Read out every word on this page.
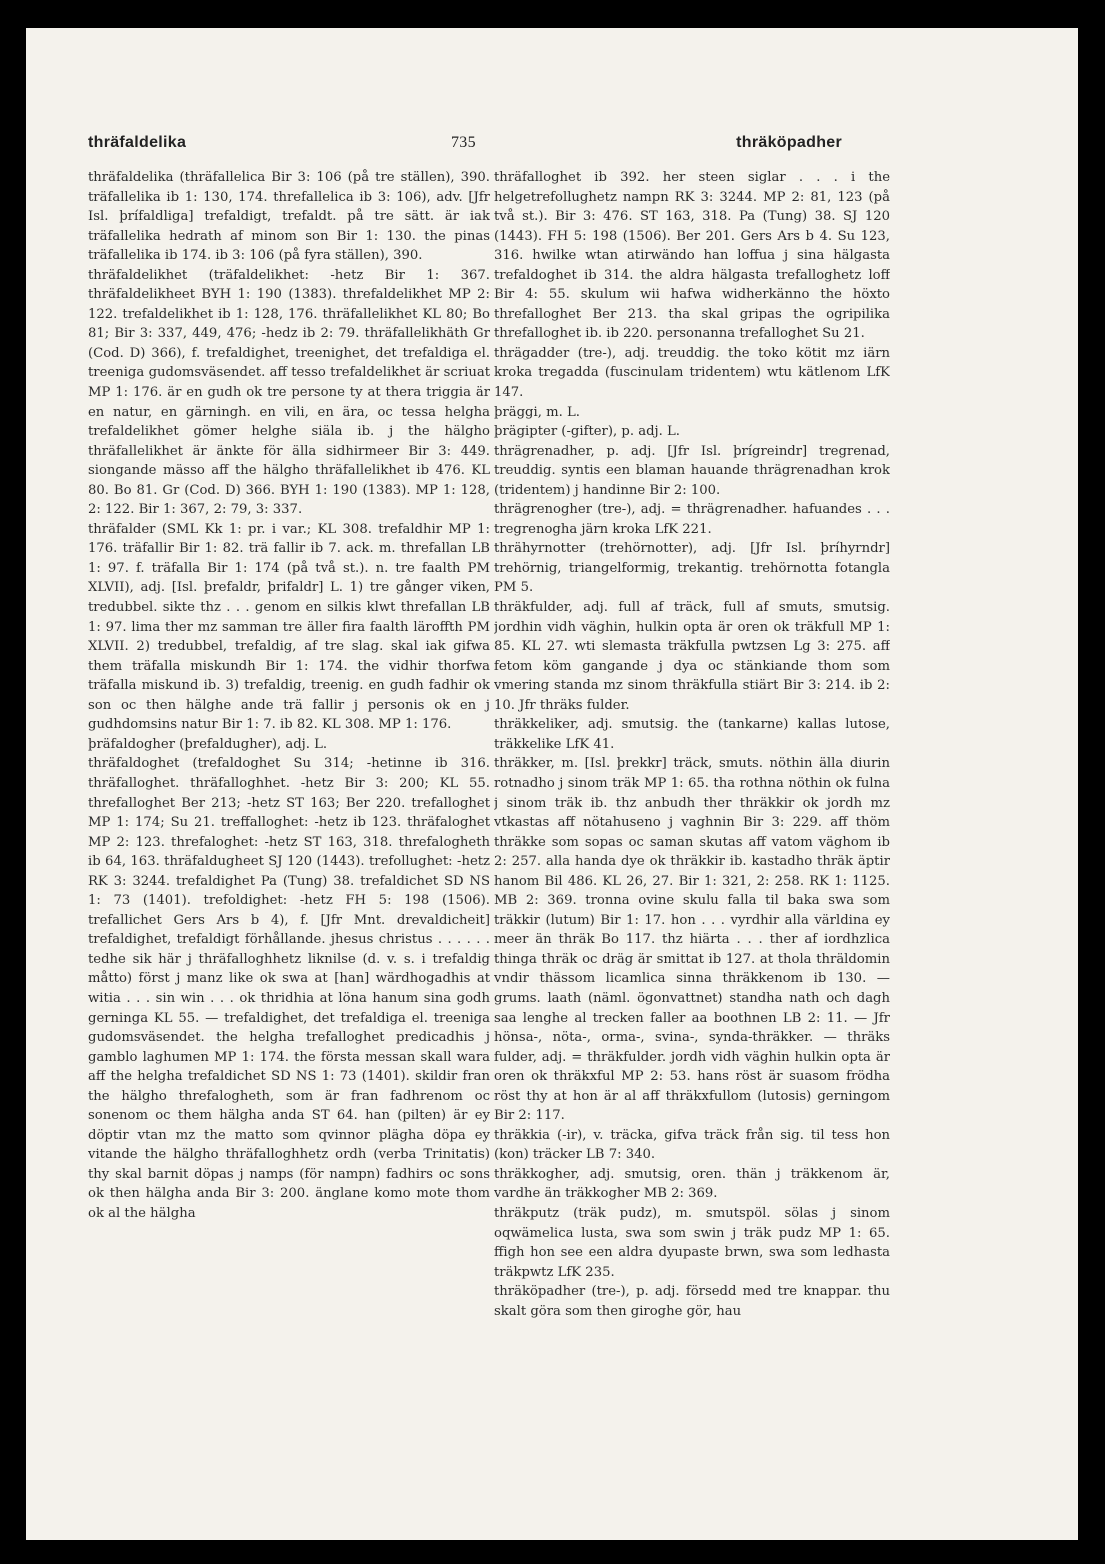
thräfaldelika	735	thräköpadher

thräfaldelika (thräfallelica Bir 3: 106 (på tre ställen), 390. träfallelika ib 1: 130, 174. threfallelica ib 3: 106), adv. [Jfr Isl. þrífaldliga] trefaldigt, trefaldt. på tre sätt. är iak träfallelika hedrath af minom son Bir 1: 130. the pinas träfallelika ib 174. ib 3: 106 (på fyra ställen), 390.

thräfaldelikhet (träfaldelikhet: -hetz Bir 1: 367. thräfaldelikheet BYH 1: 190 (1383). threfaldelikhet MP 2: 122. trefaldelikhet ib 1: 128, 176. thräfallelikhet KL 80; Bo 81; Bir 3: 337, 449, 476; -hedz ib 2: 79. thräfallelikhäth Gr (Cod. D) 366), f. trefaldighet, treenighet, det trefaldiga el. treeniga gudomsväsendet. aff tesso trefaldelikhet är scriuat MP 1: 176. är en gudh ok tre persone ty at thera triggia är en natur, en gärningh. en vili, en ära, oc tessa helgha trefaldelikhet gömer helghe siäla ib. j the hälgho thräfallelikhet är änkte för älla sidhirmeer Bir 3: 449. siongande mässo aff the hälgho thräfallelikhet ib 476. KL 80. Bo 81. Gr (Cod. D) 366. BYH 1: 190 (1383). MP 1: 128, 2: 122. Bir 1: 367, 2: 79, 3: 337.

thräfalder (SML Kk 1: pr. i var.; KL 308. trefaldhir MP 1: 176. träfallir Bir 1: 82. trä fallir ib 7. ack. m. threfallan LB 1: 97. f. träfalla Bir 1: 174 (på två st.). n. tre faalth PM XLVII), adj. [Isl. þrefaldr, þrifaldr] L. 1) tre gånger viken, tredubbel. sikte thz . . . genom en silkis klwt threfallan LB 1: 97. lima ther mz samman tre äller fira faalth läroffth PM XLVII. 2) tredubbel, trefaldig, af tre slag. skal iak gifwa them träfalla miskundh Bir 1: 174. the vidhir thorfwa träfalla miskund ib. 3) trefaldig, treenig. en gudh fadhir ok son oc then hälghe ande trä fallir j personis ok en j gudhdomsins natur Bir 1: 7. ib 82. KL 308. MP 1: 176.

þräfaldogher (þrefaldugher), adj. L.

thräfaldoghet (trefaldoghet Su 314; -hetinne ib 316. thräfalloghet. thräfalloghhet. -hetz Bir 3: 200; KL 55. threfalloghet Ber 213; -hetz ST 163; Ber 220. trefalloghet MP 1: 174; Su 21. treffalloghet: -hetz ib 123. thräfaloghet MP 2: 123. threfaloghet: -hetz ST 163, 318. threfalogheth ib 64, 163. thräfaldugheet SJ 120 (1443). trefollughet: -hetz RK 3: 3244. trefaldighet Pa (Tung) 38. trefaldichet SD NS 1: 73 (1401). trefoldighet: -hetz FH 5: 198 (1506). trefallichet Gers Ars b 4), f. [Jfr Mnt. drevaldicheit] trefaldighet, trefaldigt förhållande. jhesus christus . . . . . . tedhe sik här j thräfalloghhetz liknilse (d. v. s. i trefaldig måtto) först j manz like ok swa at [han] wärdhogadhis at witia . . . sin win . . . ok thridhia at löna hanum sina godh gerninga KL 55. — trefaldighet, det trefaldiga el. treeniga gudomsväsendet. the helgha trefalloghet predicadhis j gamblo laghumen MP 1: 174. the första messan skall wara aff the helgha trefaldichet SD NS 1: 73 (1401). skildir fran the hälgho threfalogheth, som är fran fadhrenom oc sonenom oc them hälgha anda ST 64. han (pilten) är ey döptir vtan mz the matto som qvinnor plägha döpa ey vitande the hälgho thräfalloghhetz ordh (verba Trinitatis) thy skal barnit döpas j namps (för nampn) fadhirs oc sons ok then hälgha anda Bir 3: 200. änglane komo mote thom ok al the hälgha

thräfalloghet ib 392. her steen siglar . . . i the helgetrefollughetz nampn RK 3: 3244. MP 2: 81, 123 (på två st.). Bir 3: 476. ST 163, 318. Pa (Tung) 38. SJ 120 (1443). FH 5: 198 (1506). Ber 201. Gers Ars b 4. Su 123, 316. hwilke wtan atirwändo han loffua j sina hälgasta trefaldoghet ib 314. the aldra hälgasta trefalloghetz loff Bir 4: 55. skulum wii hafwa widherkänno the höxto threfalloghet Ber 213. tha skal gripas the ogripilika threfalloghet ib. ib 220. personanna trefalloghet Su 21.

thrägadder (tre-), adj. treuddig. the toko kötit mz iärn kroka tregadda (fuscinulam tridentem) wtu kätlenom LfK 147.

þräggi, m. L.

þrägipter (-gifter), p. adj. L.

thrägrenadher, p. adj. [Jfr Isl. þrígreindr] tregrenad, treuddig. syntis een blaman hauande thrägrenadhan krok (tridentem) j handinne Bir 2: 100.

thrägrenogher (tre-), adj. = thrägrenadher. hafuandes . . . tregrenogha järn kroka LfK 221.

thrähyrnotter (trehörnotter), adj. [Jfr Isl. þríhyrndr] trehörnig, triangelformig, trekantig. trehörnotta fotangla PM 5.

thräkfulder, adj. full af träck, full af smuts, smutsig. jordhin vidh väghin, hulkin opta är oren ok träkfull MP 1: 85. KL 27. wti slemasta träkfulla pwtzsen Lg 3: 275. aff fetom köm gangande j dya oc stänkiande thom som vmering standa mz sinom thräkfulla stiärt Bir 3: 214. ib 2: 10. Jfr thräks fulder.

thräkkeliker, adj. smutsig. the (tankarne) kallas lutose, träkkelike LfK 41.

thräkker, m. [Isl. þrekkr] träck, smuts. nöthin älla diurin rotnadho j sinom träk MP 1: 65. tha rothna nöthin ok fulna j sinom träk ib. thz anbudh ther thräkkir ok jordh mz vtkastas aff nötahuseno j vaghnin Bir 3: 229. aff thöm thräkke som sopas oc saman skutas aff vatom väghom ib 2: 257. alla handa dye ok thräkkir ib. kastadho thräk äptir hanom Bil 486. KL 26, 27. Bir 1: 321, 2: 258. RK 1: 1125. MB 2: 369. tronna ovine skulu falla til baka swa som träkkir (lutum) Bir 1: 17. hon . . . vyrdhir alla världina ey meer än thräk Bo 117. thz hiärta . . . ther af iordhzlica thinga thräk oc dräg är smittat ib 127. at thola thräldomin vndir thässom licamlica sinna thräkkenom ib 130. — grums. laath (näml. ögonvattnet) standha nath och dagh saa lenghe al trecken faller aa boothnen LB 2: 11. — Jfr hönsa-, nöta-, orma-, svina-, synda-thräkker. — thräks fulder, adj. = thräkfulder. jordh vidh väghin hulkin opta är oren ok thräkxful MP 2: 53. hans röst är suasom frödha röst thy at hon är al aff thräkxfullom (lutosis) gerningom Bir 2: 117.

thräkkia (-ir), v. träcka, gifva träck från sig. til tess hon (kon) träcker LB 7: 340.

thräkkogher, adj. smutsig, oren. thän j träkkenom är, vardhe än träkkogher MB 2: 369.

thräkputz (träk pudz), m. smutspöl. sölas j sinom oqwämelica lusta, swa som swin j träk pudz MP 1: 65. ffigh hon see een aldra dyupaste brwn, swa som ledhasta träkpwtz LfK 235.

thräköpadher (tre-), p. adj. försedd med tre knappar. thu skalt göra som then giroghe gör, hau
